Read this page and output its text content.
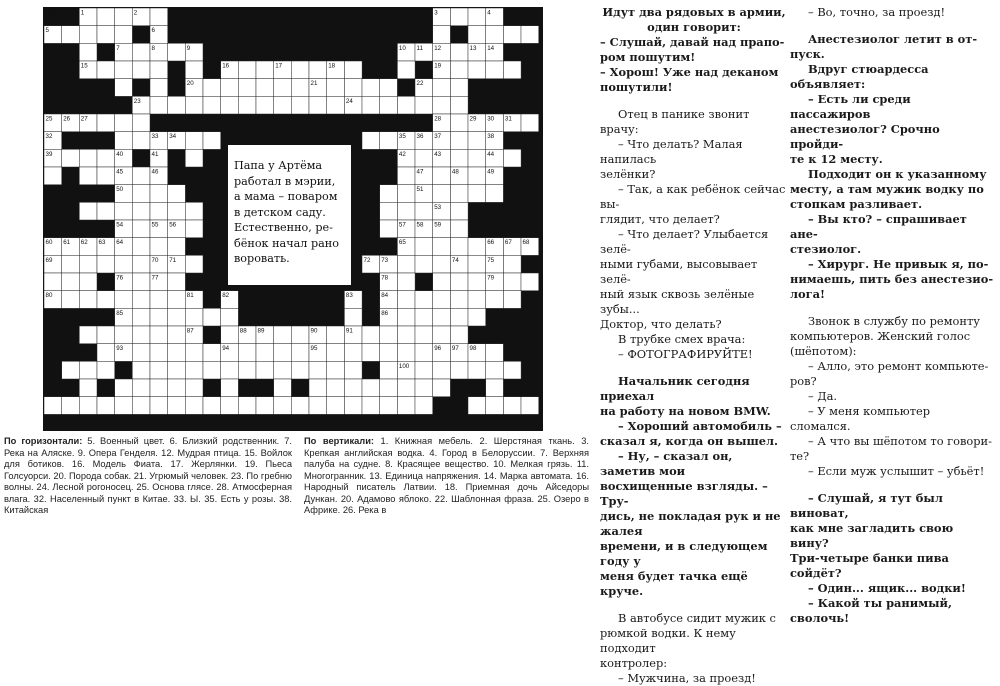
1	2	3	4
5	6
7	8	9	10 11 12	13 14
15	16	17	18	19
20	21	22
23	24
25 26 27	28	29 30 31
32	33 34	35 36 37	38
39	40	41	42	43	44
45	46	47	48	49
50	51
52	53
54	55 56	57 58 59
60 61 62 63 64	65	66 67 68
69	70 71	72 73	74	75
76	77	78	79
80	81	82	83	84
85	86
87	88 89	90	91
92	93	94	95	96 97 98
99	100
101	102
103
Папа у Артёма
работал в мэрии,
а мама – поваром
в детском саду.
Естественно, ре-
бёнок начал рано
воровать.
По горизонтали: 5. Военный цвет. 6. Близкий родственник. 7. Река на Аляске. 9. Опера Генделя. 12. Мудрая птица. 15. Войлок для ботиков. 16. Модель Фиата. 17. Жерлянки. 19. Пьеса Голсуорси. 20. Порода собак. 21. Угрюмый человек. 23. По гребню волны. 24. Лесной рогоносец. 25. Основа глясе. 28. Атмосферная влага. 32. Населенный пункт в Китае. 33. Ы. 35. Есть у розы. 38. Китайская
По вертикали: 1. Книжная мебель. 2. Шерстяная ткань. 3. Крепкая английская водка. 4. Город в Белоруссии. 7. Верхняя палуба на судне. 8. Красящее вещество. 10. Мелкая грязь. 11. Многогранник. 13. Единица напряжения. 14. Марка автомата. 16. Народный писатель Латвии. 18. Приемная дочь Айседоры Дункан. 20. Адамово яблоко. 22. Шаблонная фраза. 25. Озеро в Африке. 26. Река в

Идут два рядовых в армии,

один говорит:

– Слушай, давай над прапо-

ром пошутим!

– Хорош! Уже над деканом

пошутили!

Отец в панике звонит врачу:

– Что делать? Малая напилась

зелёнки?

– Так, а как ребёнок сейчас вы-

глядит, что делает?

– Что делает? Улыбается зелё-

ными губами, высовывает зелё-

ный язык сквозь зелёные зубы...

Доктор, что делать?

В трубке смех врача:

– ФОТОГРАФИРУЙТЕ!

Начальник сегодня приехал

на работу на новом BMW.

– Хороший автомобиль –

сказал я, когда он вышел.

– Ну, – сказал он, заметив мои

восхищенные взгляды. – Тру-

дись, не покладая рук и не жалея

времени, и в следующем году у

меня будет тачка ещё круче.

В автобусе сидит мужик с

рюмкой водки. К нему подходит

контролер:

– Мужчина, за проезд!

– Во, точно, за проезд!

Анестезиолог летит в от-

пуск.

Вдруг стюардесса объявляет:

– Есть ли среди пассажиров

анестезиолог? Срочно пройди-

те к 12 месту.

Подходит он к указанному

месту, а там мужик водку по

стопкам разливает.

– Вы кто? – спрашивает ане-

стезиолог.

– Хирург. Не привык я, по-

нимаешь, пить без анестезио-

лога!

Звонок в службу по ремонту

компьютеров. Женский голос

(шёпотом):

– Алло, это ремонт компьюте-

ров?

– Да.

– У меня компьютер сломался.

– А что вы шёпотом то говори-

те?

– Если муж услышит – убьёт!

– Слушай, я тут был виноват,

как мне загладить свою вину?

Три-четыре банки пива сойдёт?

– Один... ящик... водки!

– Какой ты ранимый, сволочь!
